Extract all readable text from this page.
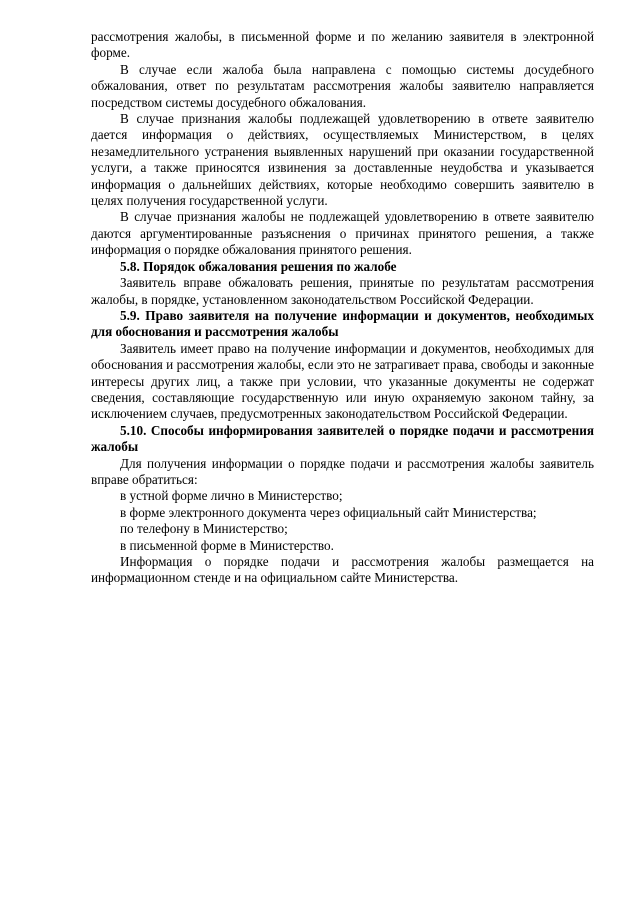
рассмотрения жалобы, в письменной форме и по желанию заявителя в электронной форме.

В случае если жалоба была направлена с помощью системы досудебного обжалования, ответ по результатам рассмотрения жалобы заявителю направляется посредством системы досудебного обжалования.

В случае признания жалобы подлежащей удовлетворению в ответе заявителю дается информация о действиях, осуществляемых Министерством, в целях незамедлительного устранения выявленных нарушений при оказании государственной услуги, а также приносятся извинения за доставленные неудобства и указывается информация о дальнейших действиях, которые необходимо совершить заявителю в целях получения государственной услуги.

В случае признания жалобы не подлежащей удовлетворению в ответе заявителю даются аргументированные разъяснения о причинах принятого решения, а также информация о порядке обжалования принятого решения.

5.8. Порядок обжалования решения по жалобе

Заявитель вправе обжаловать решения, принятые по результатам рассмотрения жалобы, в порядке, установленном законодательством Российской Федерации.

5.9. Право заявителя на получение информации и документов, необходимых для обоснования и рассмотрения жалобы

Заявитель имеет право на получение информации и документов, необходимых для обоснования и рассмотрения жалобы, если это не затрагивает права, свободы и законные интересы других лиц, а также при условии, что указанные документы не содержат сведения, составляющие государственную или иную охраняемую законом тайну, за исключением случаев, предусмотренных законодательством Российской Федерации.

5.10. Способы информирования заявителей о порядке подачи и рассмотрения жалобы

Для получения информации о порядке подачи и рассмотрения жалобы заявитель вправе обратиться:

в устной форме лично в Министерство;

в форме электронного документа через официальный сайт Министерства;

по телефону в Министерство;

в письменной форме в Министерство.

Информация о порядке подачи и рассмотрения жалобы размещается на информационном стенде и на официальном сайте Министерства.
